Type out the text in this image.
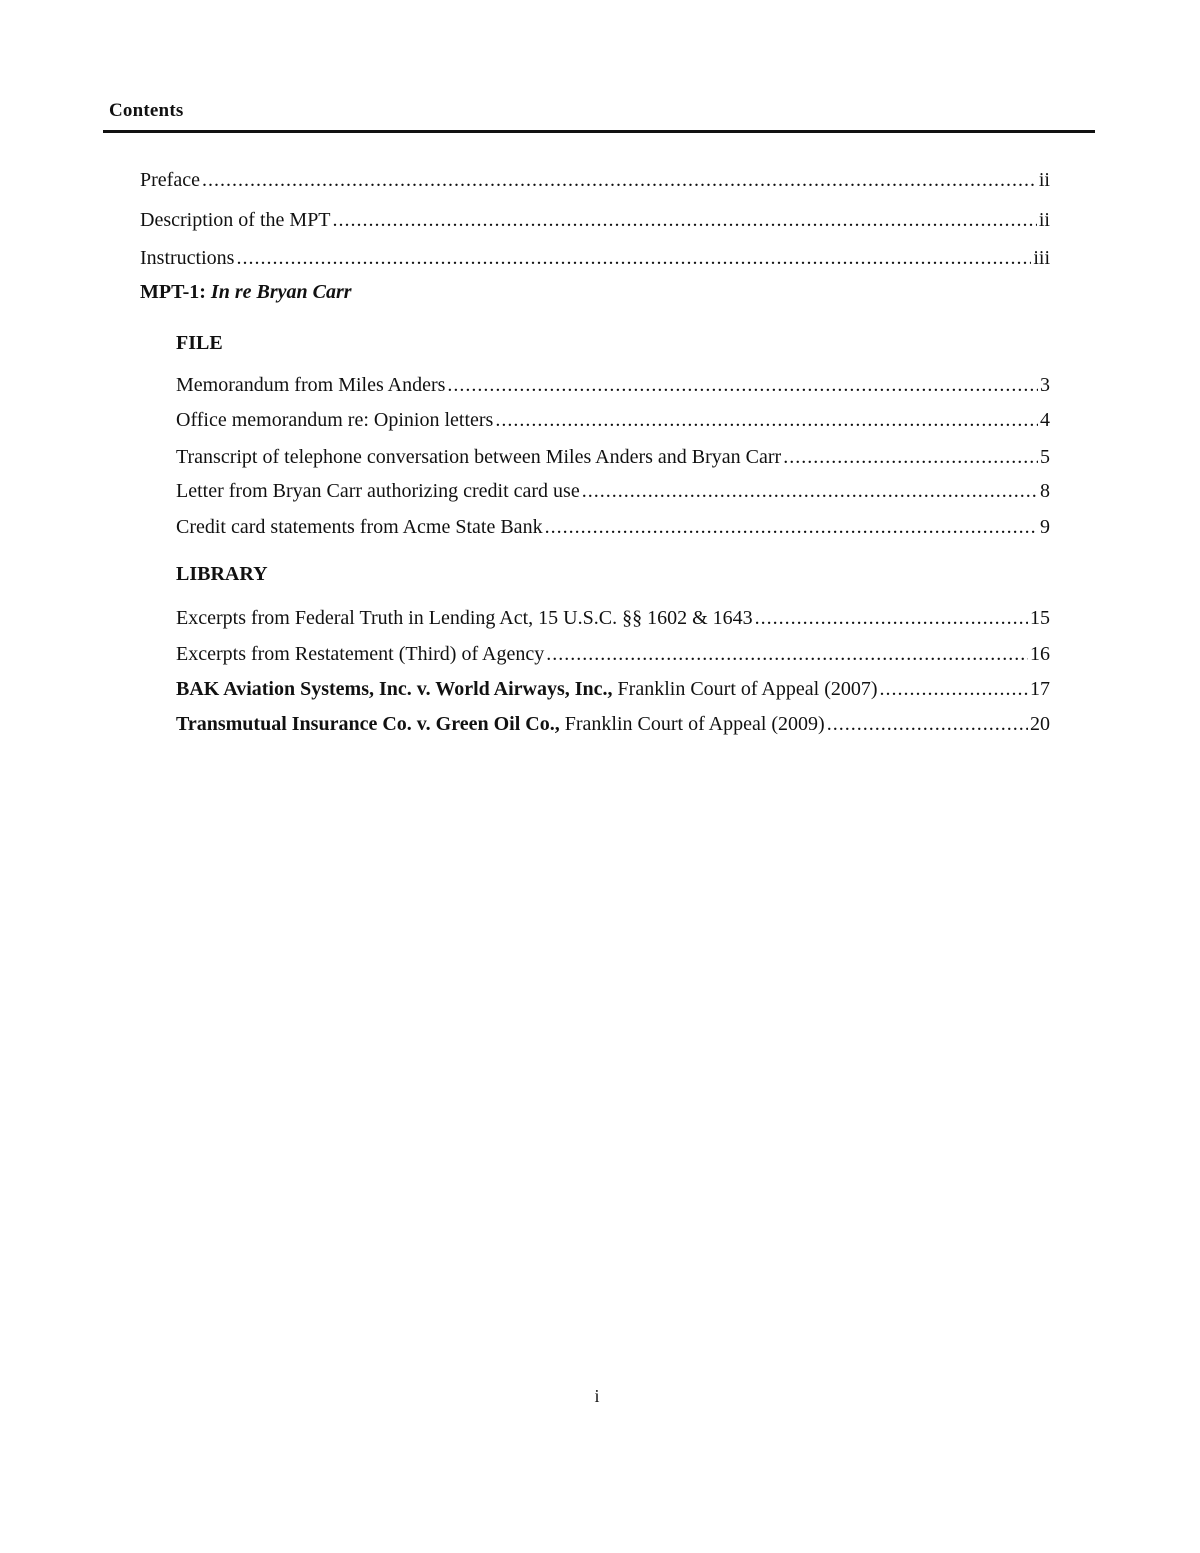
Contents
Preface .....	ii
Description of the MPT .....	ii
Instructions .....	iii
MPT-1: In re Bryan Carr
FILE
Memorandum from Miles Anders .....	3
Office memorandum re: Opinion letters .....	4
Transcript of telephone conversation between Miles Anders and Bryan Carr .....	5
Letter from Bryan Carr authorizing credit card use .....	8
Credit card statements from Acme State Bank .....	9
LIBRARY
Excerpts from Federal Truth in Lending Act, 15 U.S.C. §§ 1602 & 1643 .....	15
Excerpts from Restatement (Third) of Agency .....	16
BAK Aviation Systems, Inc. v. World Airways, Inc., Franklin Court of Appeal (2007) .....	17
Transmutual Insurance Co. v. Green Oil Co., Franklin Court of Appeal (2009) .....	20
i
